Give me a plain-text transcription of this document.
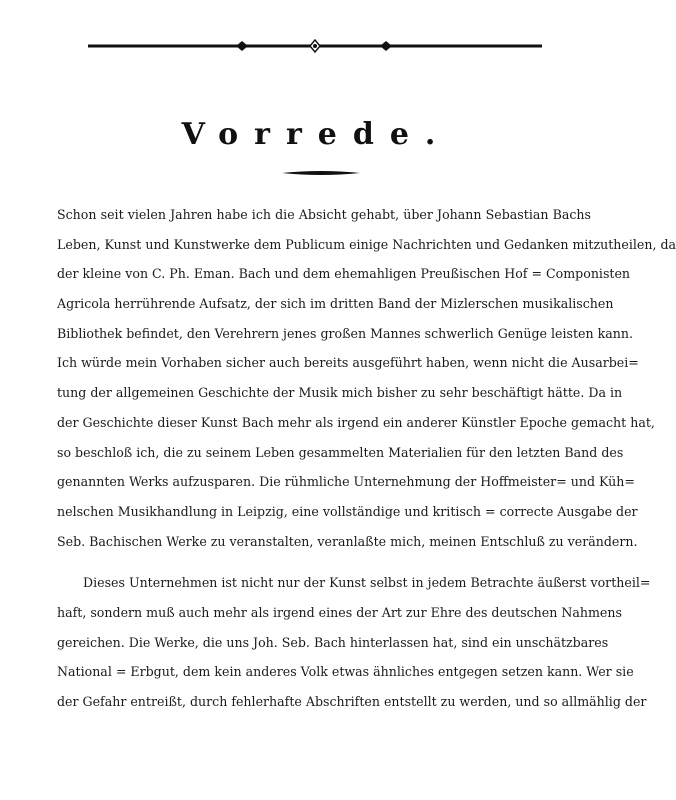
Vorrede.
Schon seit vielen Jahren habe ich die Absicht gehabt, über Johann Sebastian Bachs
Leben, Kunst und Kunstwerke dem Publicum einige Nachrichten und Gedanken mitzutheilen, da
der kleine von C. Ph. Eman. Bach und dem ehemahligen Preußischen Hof = Componisten
Agricola herrührende Aufsatz, der sich im dritten Band der Mizlerschen musikalischen
Bibliothek befindet, den Verehrern jenes großen Mannes schwerlich Genüge leisten kann.
Ich würde mein Vorhaben sicher auch bereits ausgeführt haben, wenn nicht die Ausarbei=
tung der allgemeinen Geschichte der Musik mich bisher zu sehr beschäftigt hätte. Da in
der Geschichte dieser Kunst Bach mehr als irgend ein anderer Künstler Epoche gemacht hat,
so beschloß ich, die zu seinem Leben gesammelten Materialien für den letzten Band des
genannten Werks aufzusparen. Die rühmliche Unternehmung der Hoffmeister= und Küh=
nelschen Musikhandlung in Leipzig, eine vollständige und kritisch = correcte Ausgabe der
Seb. Bachischen Werke zu veranstalten, veranlaßte mich, meinen Entschluß zu verändern.
Dieses Unternehmen ist nicht nur der Kunst selbst in jedem Betrachte äußerst vortheil=
haft, sondern muß auch mehr als irgend eines der Art zur Ehre des deutschen Nahmens
gereichen. Die Werke, die uns Joh. Seb. Bach hinterlassen hat, sind ein unschätzbares
National = Erbgut, dem kein anderes Volk etwas ähnliches entgegen setzen kann. Wer sie
der Gefahr entreißt, durch fehlerhafte Abschriften entstellt zu werden, und so allmählig der
